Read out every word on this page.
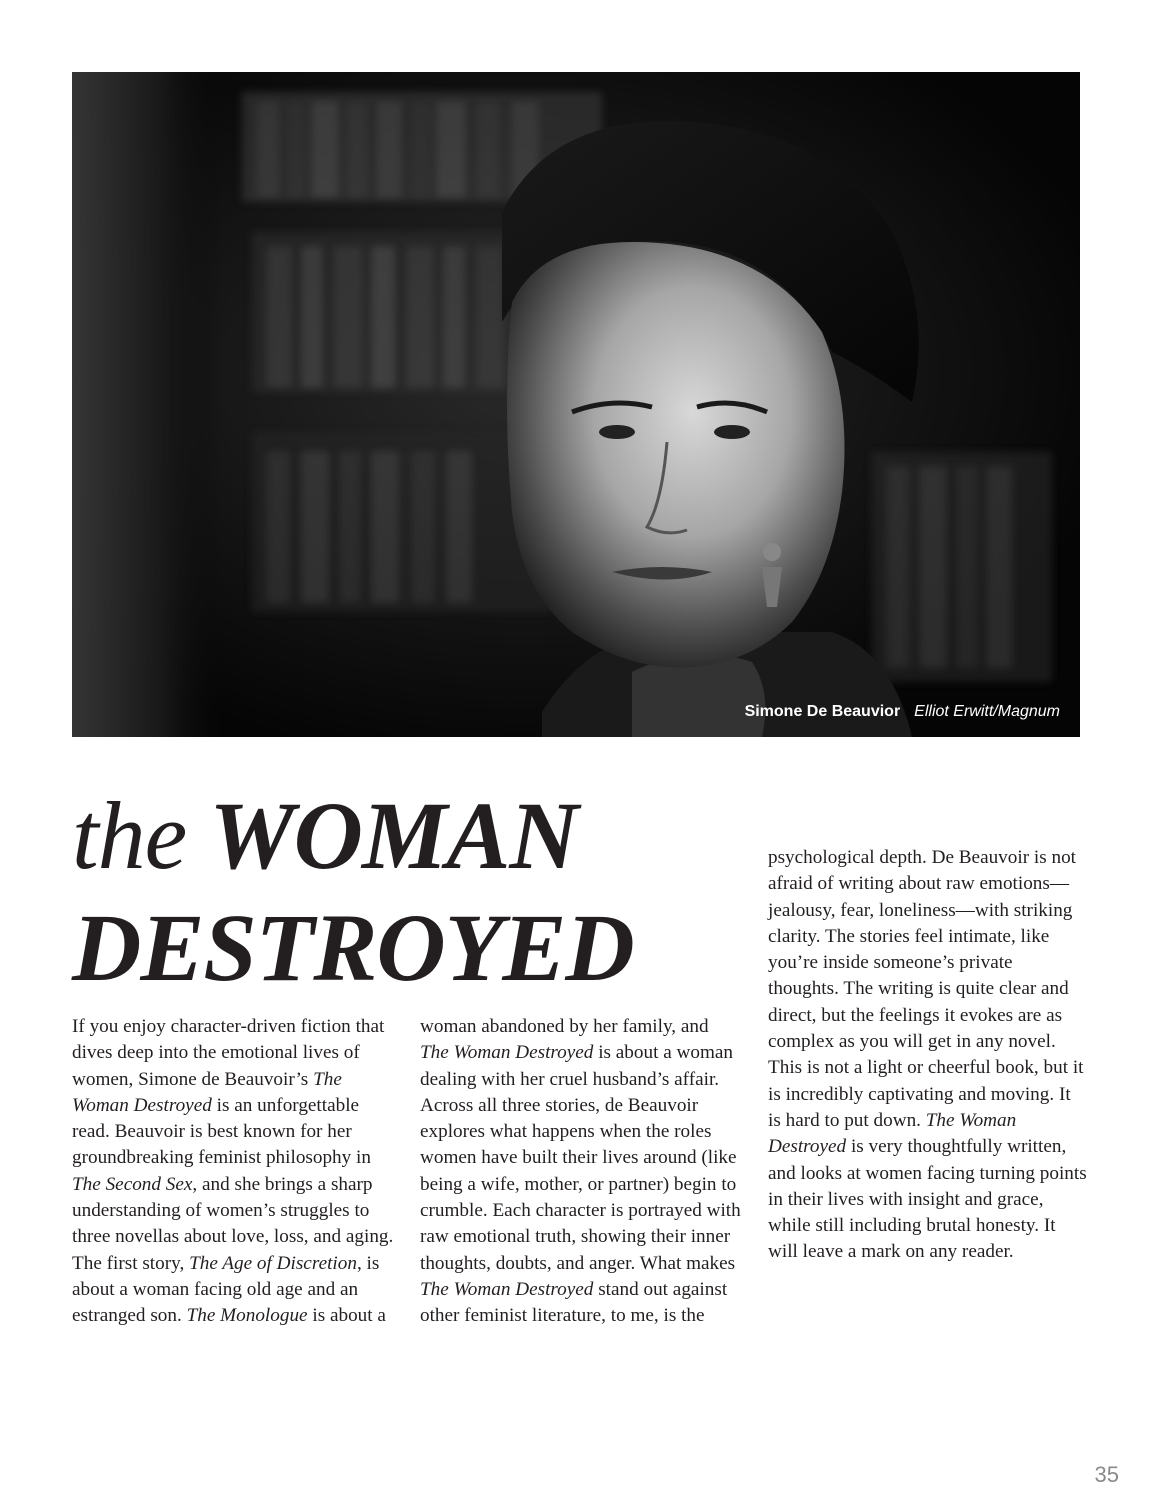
Simone De Beauvior Elliot Erwitt/Magnum
the WOMAN
DESTROYED

If you enjoy character-driven fiction that dives deep into the emotional lives of women, Simone de Beauvoir’s The Woman Destroyed is an unforgettable read. Beauvoir is best known for her groundbreaking feminist philosophy in The Second Sex, and she brings a sharp understanding of women’s struggles to three novellas about love, loss, and aging. The first story, The Age of Discretion, is about a woman facing old age and an estranged son. The Monologue is about a

woman abandoned by her family, and The Woman Destroyed is about a woman dealing with her cruel husband’s affair. Across all three stories, de Beauvoir explores what happens when the roles women have built their lives around (like being a wife, mother, or partner) begin to crumble. Each character is portrayed with raw emotional truth, showing their inner thoughts, doubts, and anger. What makes The Woman Destroyed stand out against other feminist literature, to me, is the

psychological depth. De Beauvoir is not afraid of writing about raw emotions—jealousy, fear, loneliness—with striking clarity. The stories feel intimate, like you’re inside someone’s private thoughts. The writing is quite clear and direct, but the feelings it evokes are as complex as you will get in any novel. This is not a light or cheerful book, but it is incredibly captivating and moving. It is hard to put down. The Woman Destroyed is very thoughtfully written, and looks at women facing turning points in their lives with insight and grace, while still including brutal honesty. It will leave a mark on any reader.

35
